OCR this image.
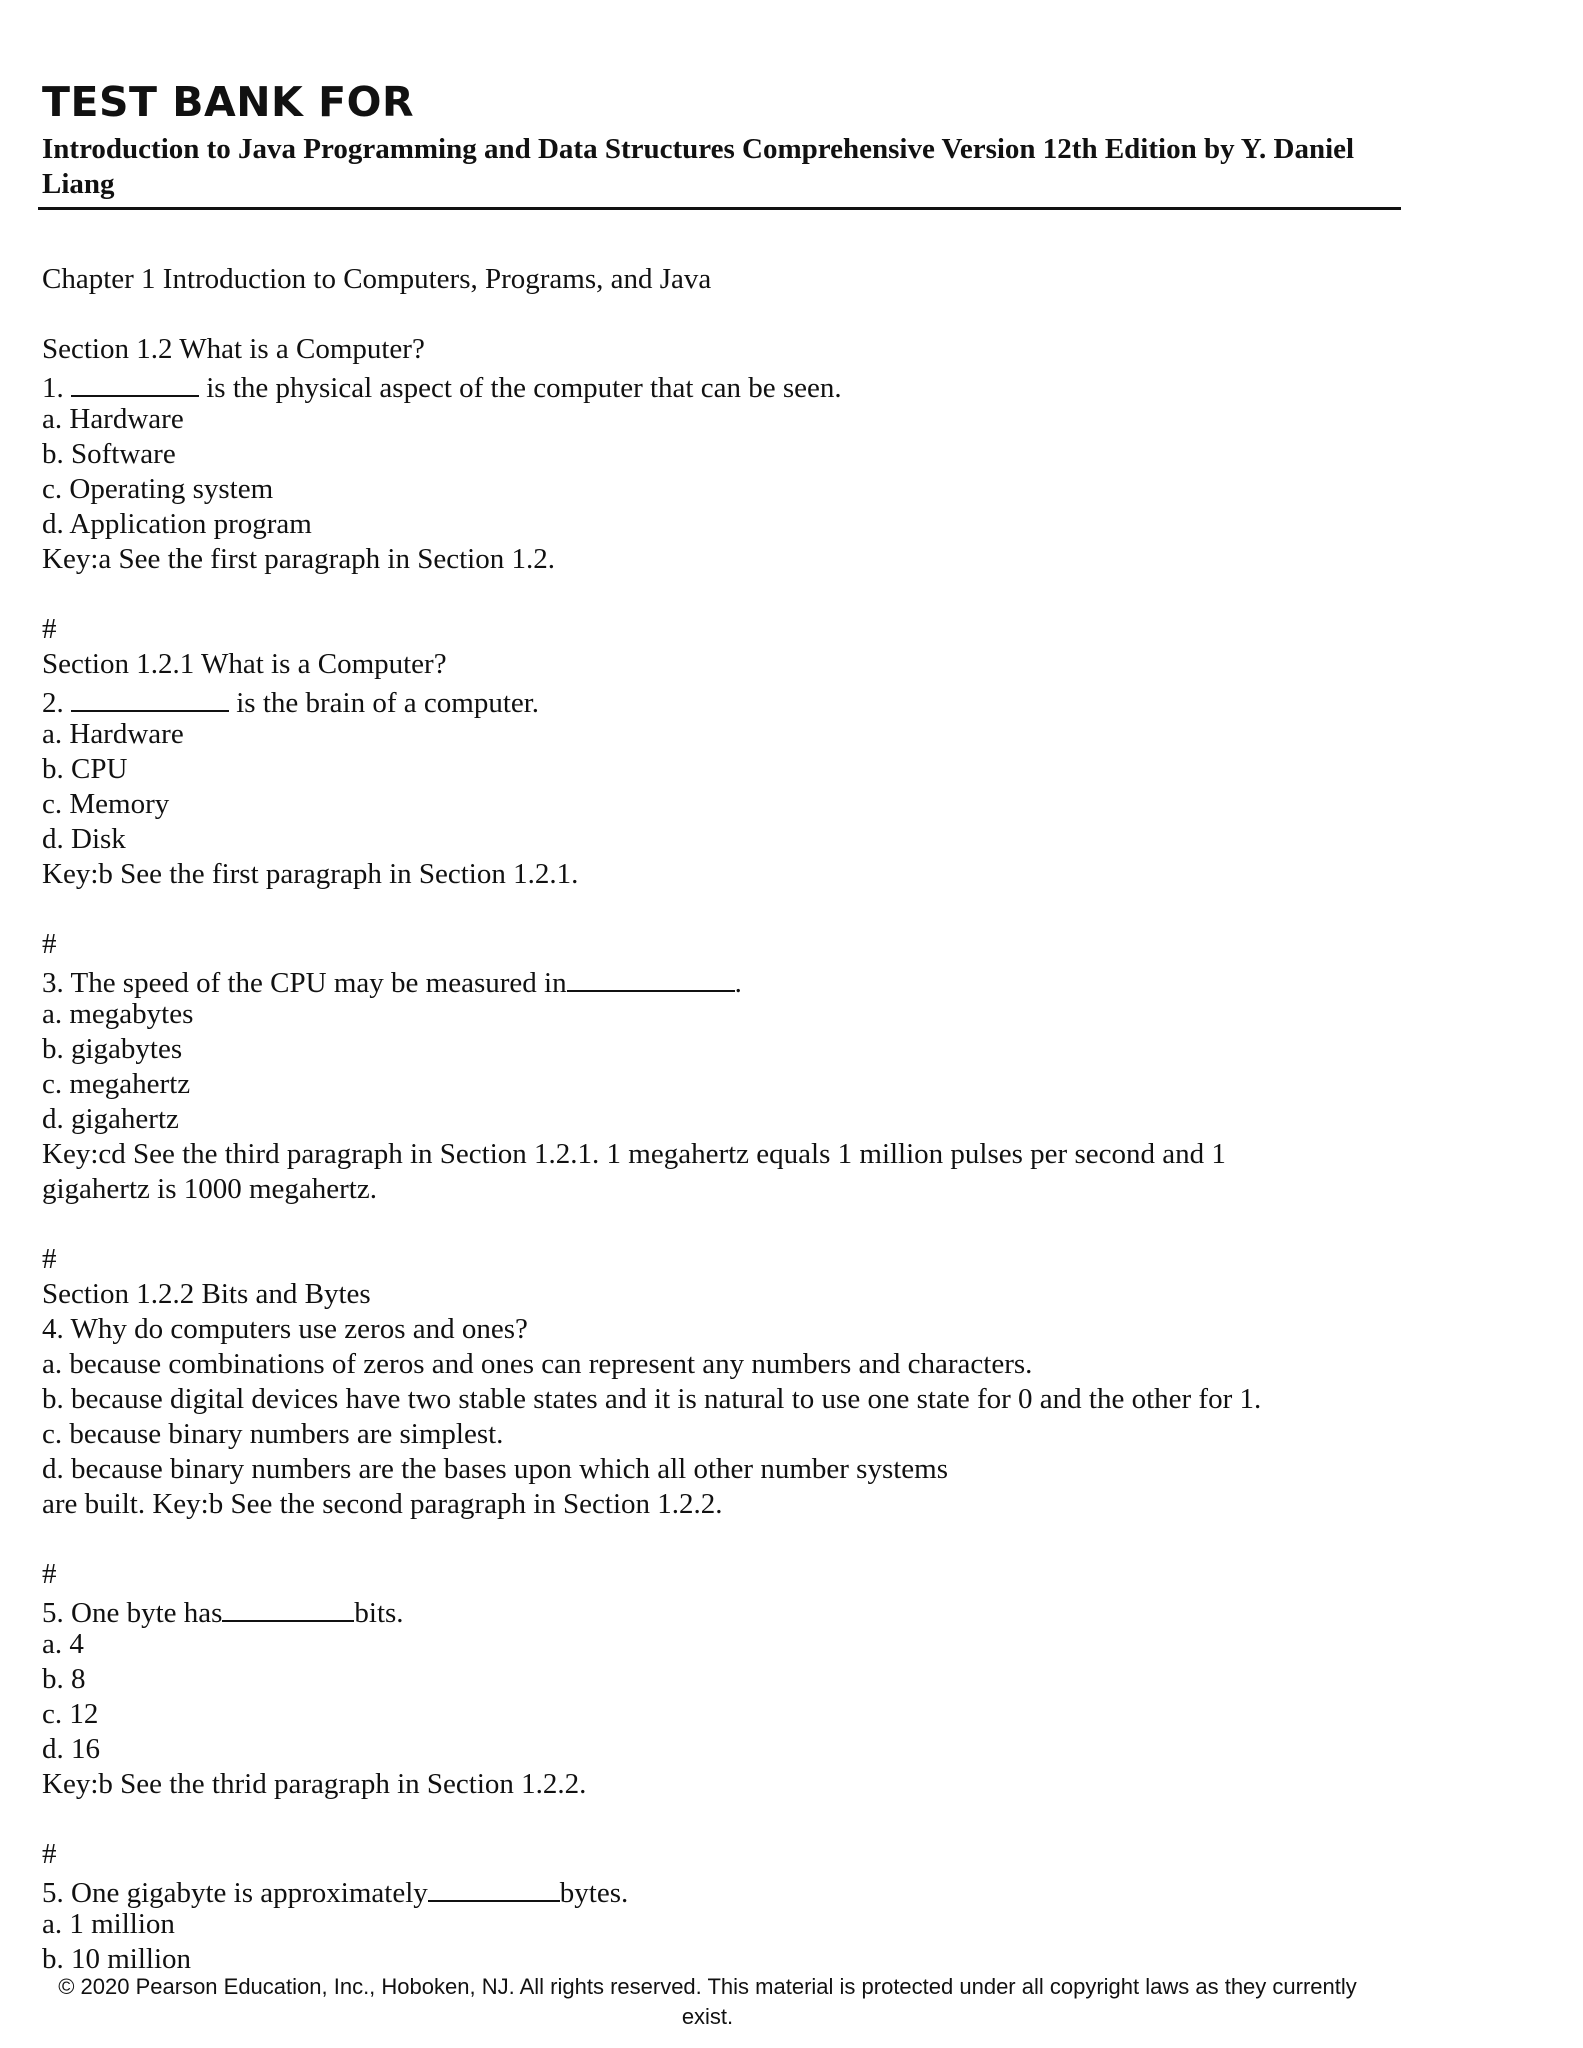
TEST BANK FOR
Introduction to Java Programming and Data Structures Comprehensive Version 12th Edition by Y. Daniel Liang
Chapter 1 Introduction to Computers, Programs, and Java
Section 1.2 What is a Computer?
1.	is the physical aspect of the computer that can be seen.
a. Hardware
b. Software
c. Operating system
d. Application program
Key:a See the first paragraph in Section 1.2.
#
Section 1.2.1 What is a Computer?
2.	is the brain of a computer.
a. Hardware
b. CPU
c. Memory
d. Disk
Key:b See the first paragraph in Section 1.2.1.
#
3. The speed of the CPU may be measured in	.
a. megabytes
b. gigabytes
c. megahertz
d. gigahertz
Key:cd See the third paragraph in Section 1.2.1. 1 megahertz equals 1 million pulses per second and 1
gigahertz is 1000 megahertz.
#
Section 1.2.2 Bits and Bytes
4. Why do computers use zeros and ones?
a. because combinations of zeros and ones can represent any numbers and characters.
b. because digital devices have two stable states and it is natural to use one state for 0 and the other for 1.
c. because binary numbers are simplest.
d. because binary numbers are the bases upon which all other number systems
are built. Key:b See the second paragraph in Section 1.2.2.
#
5. One byte has	bits.
a. 4
b. 8
c. 12
d. 16
Key:b See the thrid paragraph in Section 1.2.2.
#
5. One gigabyte is approximately	bytes.
a. 1 million
b. 10 million
© 2020 Pearson Education, Inc., Hoboken, NJ. All rights reserved. This material is protected under all copyright laws as they currently
exist.
